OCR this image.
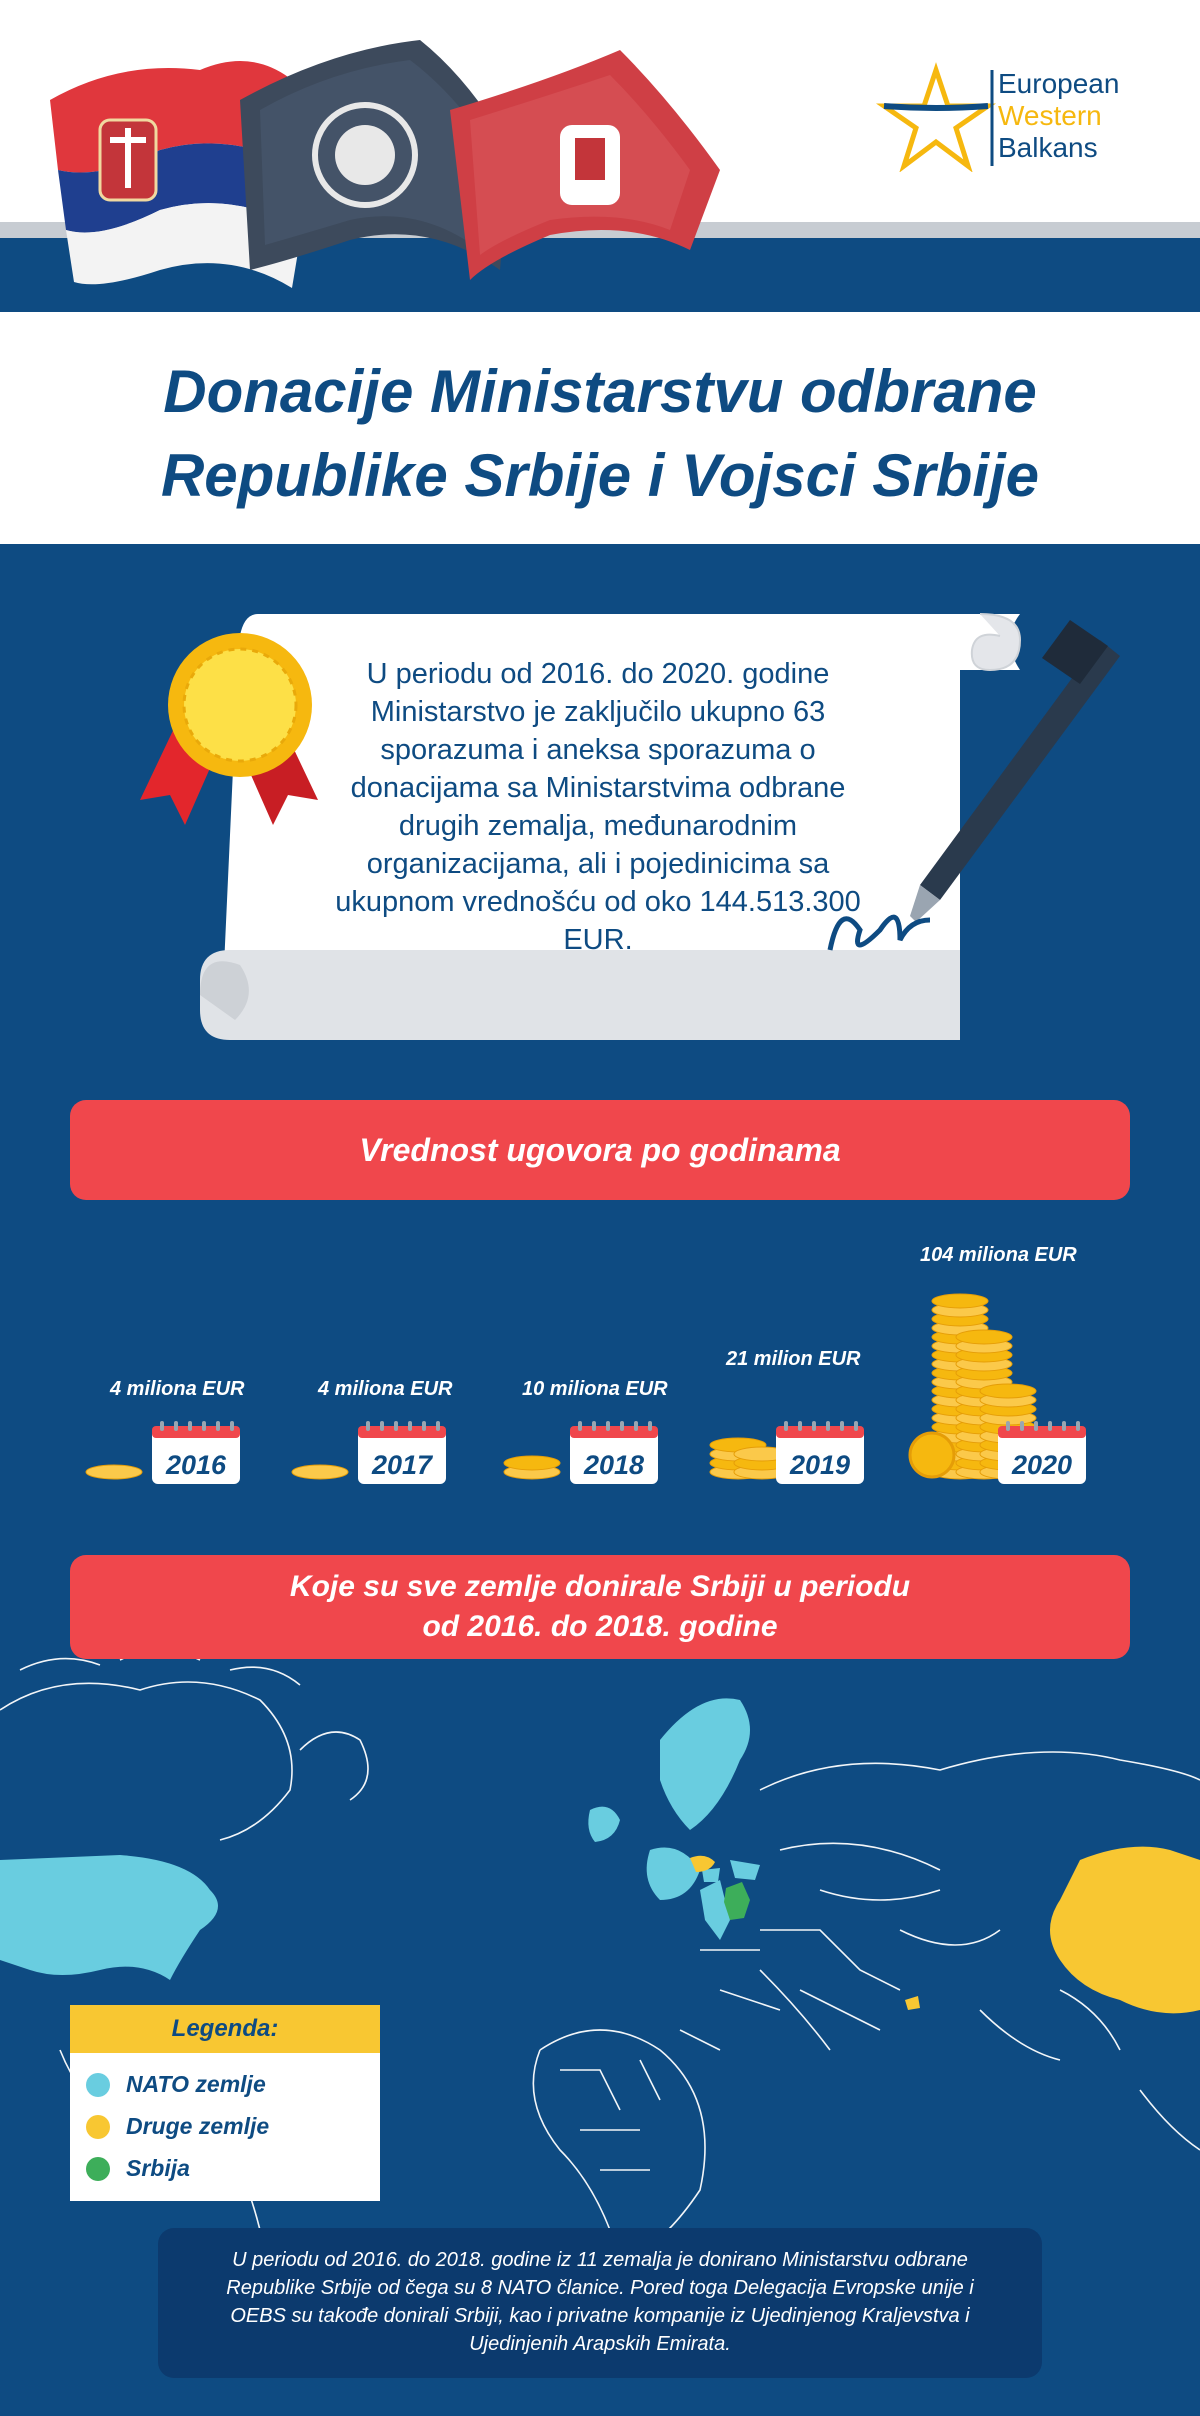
European
Western
Balkans
Donacije Ministarstvu odbrane
Republike Srbije i Vojsci Srbije
U periodu od 2016. do 2020. godine Ministarstvo je zaključilo ukupno 63 sporazuma i aneksa sporazuma o donacijama sa Ministarstvima odbrane drugih zemalja, međunarodnim organizacijama, ali i pojedinicima sa ukupnom vrednošću od oko 144.513.300 EUR.
Vrednost ugovora po godinama
4 miliona EUR	4 miliona EUR	10 miliona EUR
21 milion EUR
104 miliona EUR
2016	2017	2018	2019	2020
Koje su sve zemlje donirale Srbiji u periodu
od 2016. do 2018. godine
Legenda:
NATO zemlje
Druge zemlje
Srbija
U periodu od 2016. do 2018. godine iz 11 zemalja je donirano Ministarstvu odbrane Republike Srbije od čega su 8 NATO članice. Pored toga Delegacija Evropske unije i OEBS su takođe donirali Srbiji, kao i privatne kompanije iz Ujedinjenog Kraljevstva i Ujedinjenih Arapskih Emirata.
